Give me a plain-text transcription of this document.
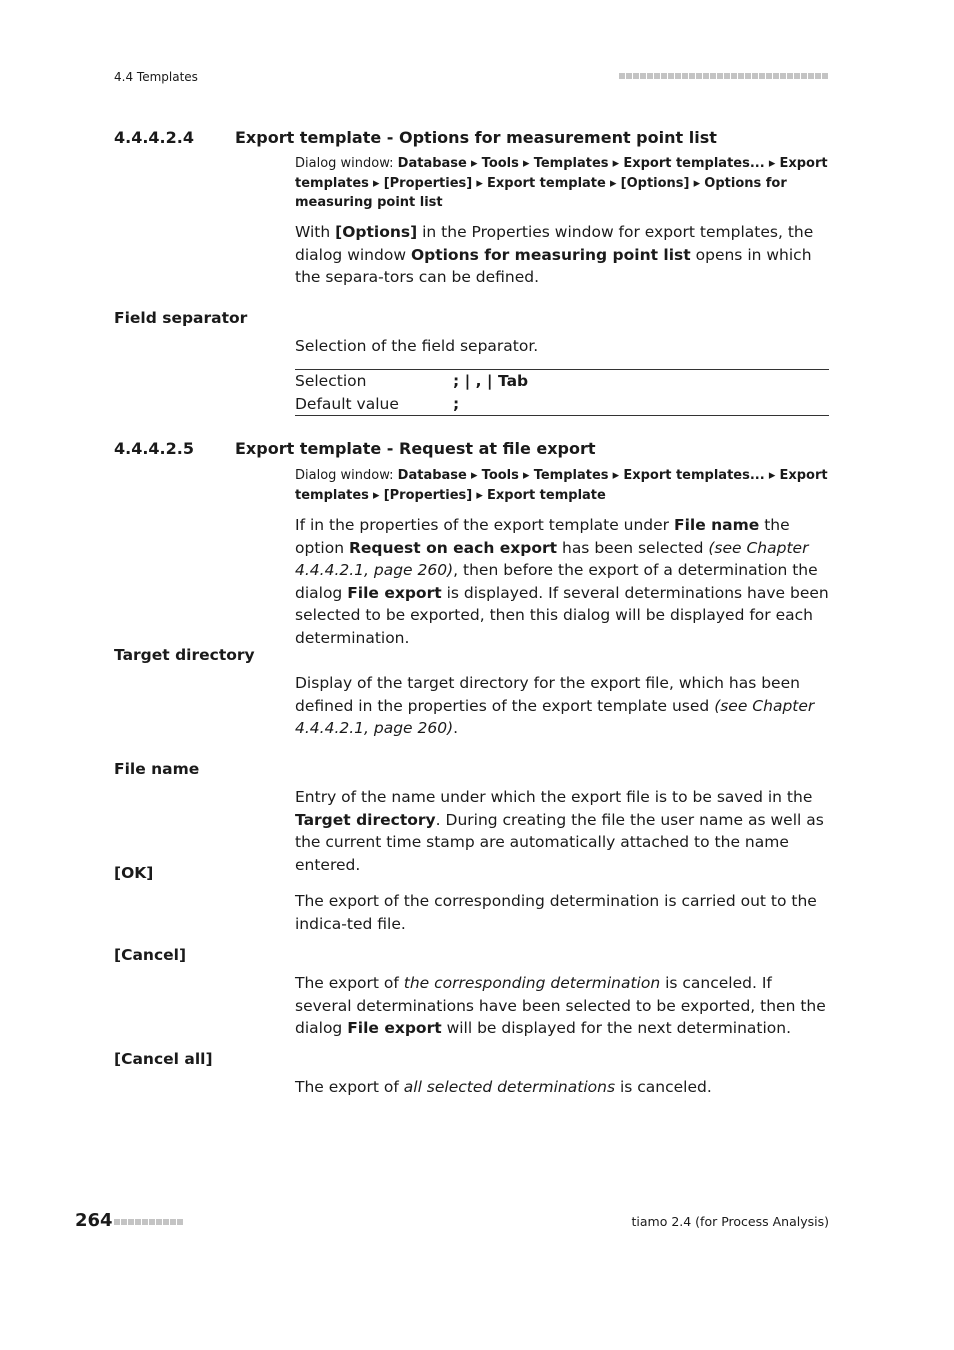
4.4 Templates
4.4.4.2.4	Export template - Options for measurement point list
Dialog window: Database ▸ Tools ▸ Templates ▸ Export templates... ▸ Export templates ▸ [Properties] ▸ Export template ▸ [Options] ▸ Options for measuring point list
With [Options] in the Properties window for export templates, the dialog window Options for measuring point list opens in which the separa-tors can be defined.
Field separator
Selection of the field separator.
Selection	; | , | Tab
Default value	;
4.4.4.2.5	Export template - Request at file export
Dialog window: Database ▸ Tools ▸ Templates ▸ Export templates... ▸ Export templates ▸ [Properties] ▸ Export template
If in the properties of the export template under File name the option Request on each export has been selected (see Chapter 4.4.4.2.1, page 260), then before the export of a determination the dialog File export is displayed. If several determinations have been selected to be exported, then this dialog will be displayed for each determination.
Target directory
Display of the target directory for the export file, which has been defined in the properties of the export template used (see Chapter 4.4.4.2.1, page 260).
File name
Entry of the name under which the export file is to be saved in the Target directory. During creating the file the user name as well as the current time stamp are automatically attached to the name entered.
[OK]
The export of the corresponding determination is carried out to the indica-ted file.
[Cancel]
The export of the corresponding determination is canceled. If several determinations have been selected to be exported, then the dialog File export will be displayed for the next determination.
[Cancel all]
The export of all selected determinations is canceled.
264	tiamo 2.4 (for Process Analysis)
